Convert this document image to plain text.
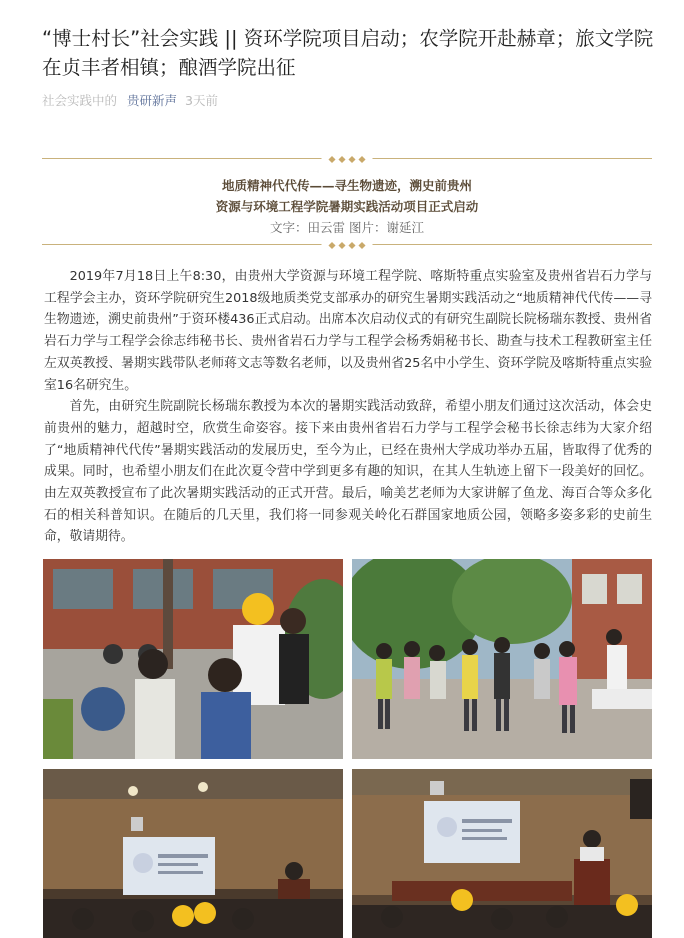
“博士村长”社会实践 || 资环学院项目启动；农学院开赴赫章；旅文学院在贞丰者相镇；酿酒学院出征
社会实践中的 贵研新声 3天前
地质精神代代传——寻生物遗迹，溯史前贵州
资源与环境工程学院暑期实践活动项目正式启动
文字：田云雷 图片：谢延江

2019年7月18日上午8:30，由贵州大学资源与环境工程学院、喀斯特重点实验室及贵州省岩石力学与工程学会主办，资环学院研究生2018级地质类党支部承办的研究生暑期实践活动之“地质精神代代传——寻生物遗迹，溯史前贵州”于资环楼436正式启动。出席本次启动仪式的有研究生副院长院杨瑞东教授、贵州省岩石力学与工程学会徐志纬秘书长、贵州省岩石力学与工程学会杨秀娟秘书长、勘查与技术工程教研室主任左双英教授、暑期实践带队老师蒋文志等数名老师，以及贵州省25名中小学生、资环学院及喀斯特重点实验室16名研究生。

首先，由研究生院副院长杨瑞东教授为本次的暑期实践活动致辞，希望小朋友们通过这次活动，体会史前贵州的魅力，超越时空，欣赏生命姿容。接下来由贵州省岩石力学与工程学会秘书长徐志纬为大家介绍了“地质精神代代传”暑期实践活动的发展历史，至今为止，已经在贵州大学成功举办五届，皆取得了优秀的成果。同时，也希望小朋友们在此次夏令营中学到更多有趣的知识，在其人生轨迹上留下一段美好的回忆。由左双英教授宣布了此次暑期实践活动的正式开营。最后，喻美艺老师为大家讲解了鱼龙、海百合等众多化石的相关科普知识。在随后的几天里，我们将一同参观关岭化石群国家地质公园，领略多姿多彩的史前生命，敬请期待。
